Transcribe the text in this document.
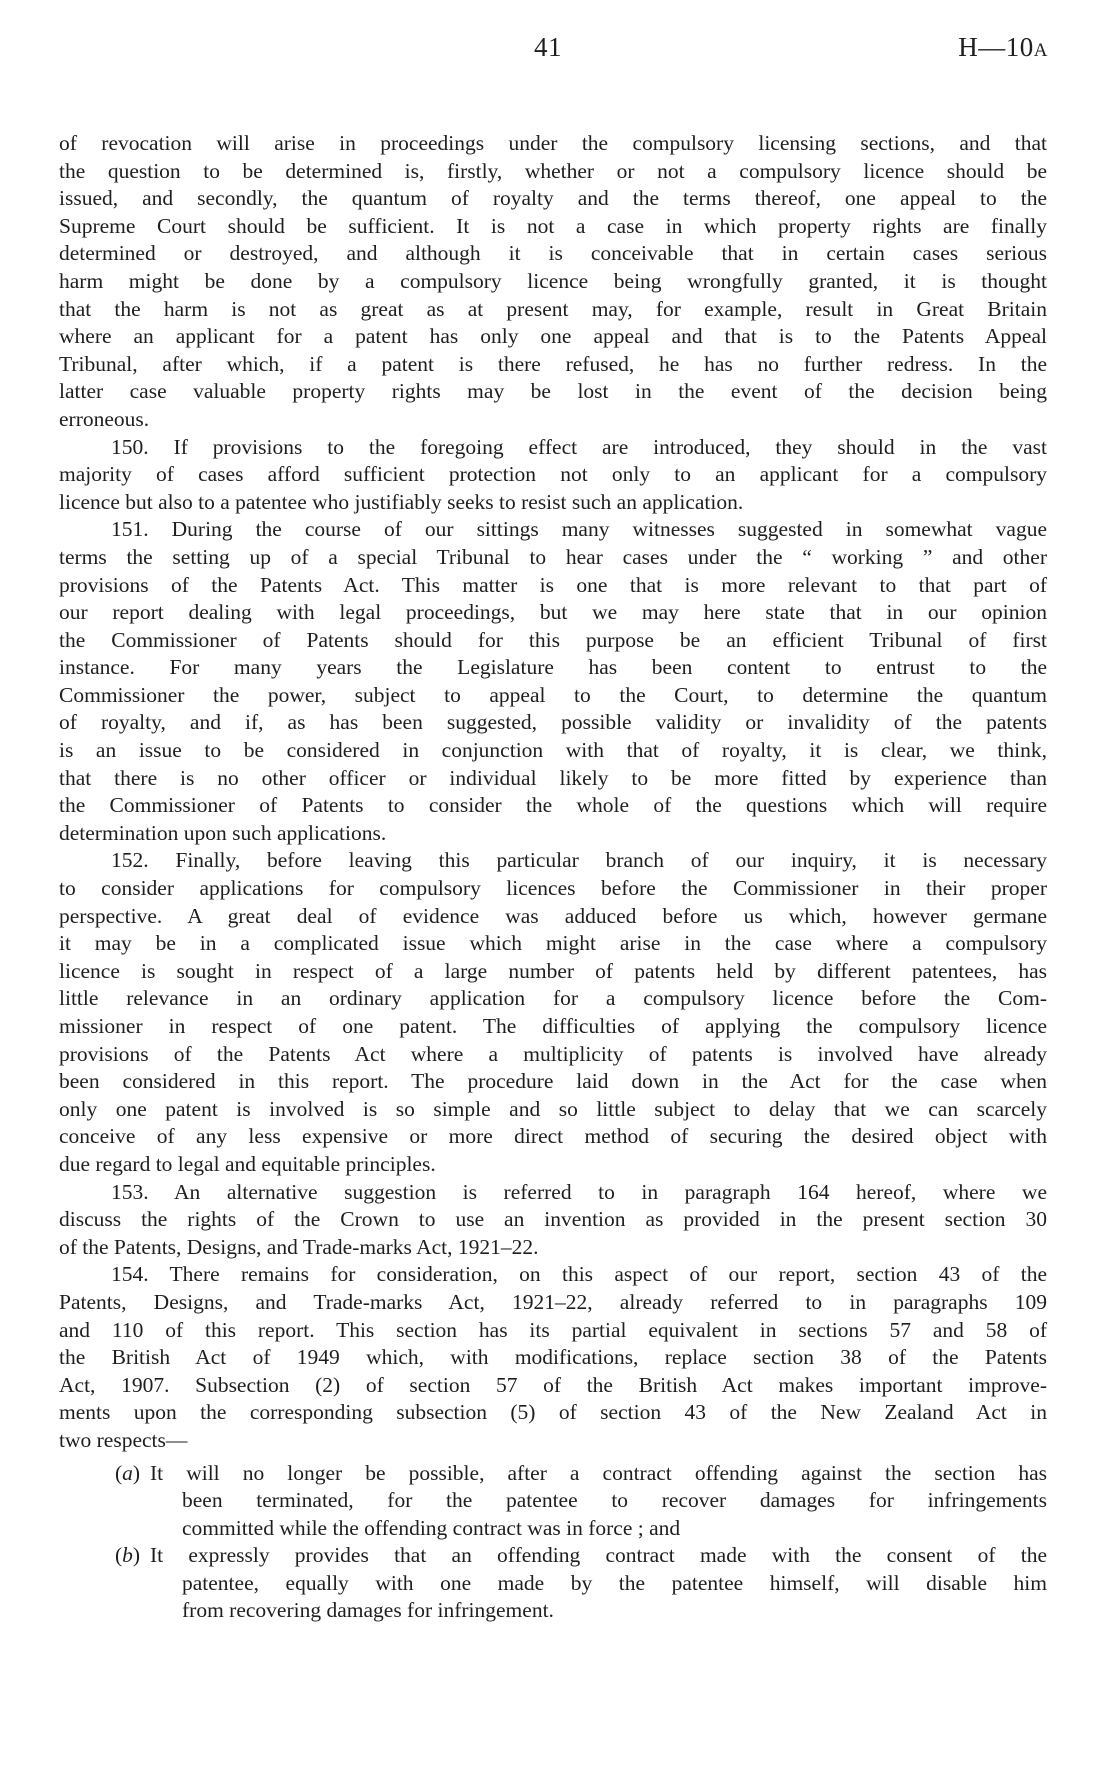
41	H—10A
of revocation will arise in proceedings under the compulsory licensing sections, and that
the question to be determined is, firstly, whether or not a compulsory licence should be
issued, and secondly, the quantum of royalty and the terms thereof, one appeal to the
Supreme Court should be sufficient. It is not a case in which property rights are finally
determined or destroyed, and although it is conceivable that in certain cases serious
harm might be done by a compulsory licence being wrongfully granted, it is thought
that the harm is not as great as at present may, for example, result in Great Britain
where an applicant for a patent has only one appeal and that is to the Patents Appeal
Tribunal, after which, if a patent is there refused, he has no further redress. In the
latter case valuable property rights may be lost in the event of the decision being
erroneous.
150. If provisions to the foregoing effect are introduced, they should in the vast
majority of cases afford sufficient protection not only to an applicant for a compulsory
licence but also to a patentee who justifiably seeks to resist such an application.
151. During the course of our sittings many witnesses suggested in somewhat vague
terms the setting up of a special Tribunal to hear cases under the “ working ” and other
provisions of the Patents Act. This matter is one that is more relevant to that part of
our report dealing with legal proceedings, but we may here state that in our opinion
the Commissioner of Patents should for this purpose be an efficient Tribunal of first
instance. For many years the Legislature has been content to entrust to the
Commissioner the power, subject to appeal to the Court, to determine the quantum
of royalty, and if, as has been suggested, possible validity or invalidity of the patents
is an issue to be considered in conjunction with that of royalty, it is clear, we think,
that there is no other officer or individual likely to be more fitted by experience than
the Commissioner of Patents to consider the whole of the questions which will require
determination upon such applications.
152. Finally, before leaving this particular branch of our inquiry, it is necessary
to consider applications for compulsory licences before the Commissioner in their proper
perspective. A great deal of evidence was adduced before us which, however germane
it may be in a complicated issue which might arise in the case where a compulsory
licence is sought in respect of a large number of patents held by different patentees, has
little relevance in an ordinary application for a compulsory licence before the Com-
missioner in respect of one patent. The difficulties of applying the compulsory licence
provisions of the Patents Act where a multiplicity of patents is involved have already
been considered in this report. The procedure laid down in the Act for the case when
only one patent is involved is so simple and so little subject to delay that we can scarcely
conceive of any less expensive or more direct method of securing the desired object with
due regard to legal and equitable principles.
153. An alternative suggestion is referred to in paragraph 164 hereof, where we
discuss the rights of the Crown to use an invention as provided in the present section 30
of the Patents, Designs, and Trade-marks Act, 1921–22.
154. There remains for consideration, on this aspect of our report, section 43 of the
Patents, Designs, and Trade-marks Act, 1921–22, already referred to in paragraphs 109
and 110 of this report. This section has its partial equivalent in sections 57 and 58 of
the British Act of 1949 which, with modifications, replace section 38 of the Patents
Act, 1907. Subsection (2) of section 57 of the British Act makes important improve-
ments upon the corresponding subsection (5) of section 43 of the New Zealand Act in
two respects—
(a) It will no longer be possible, after a contract offending against the section has
been terminated, for the patentee to recover damages for infringements
committed while the offending contract was in force ; and
(b) It expressly provides that an offending contract made with the consent of the
patentee, equally with one made by the patentee himself, will disable him
from recovering damages for infringement.
